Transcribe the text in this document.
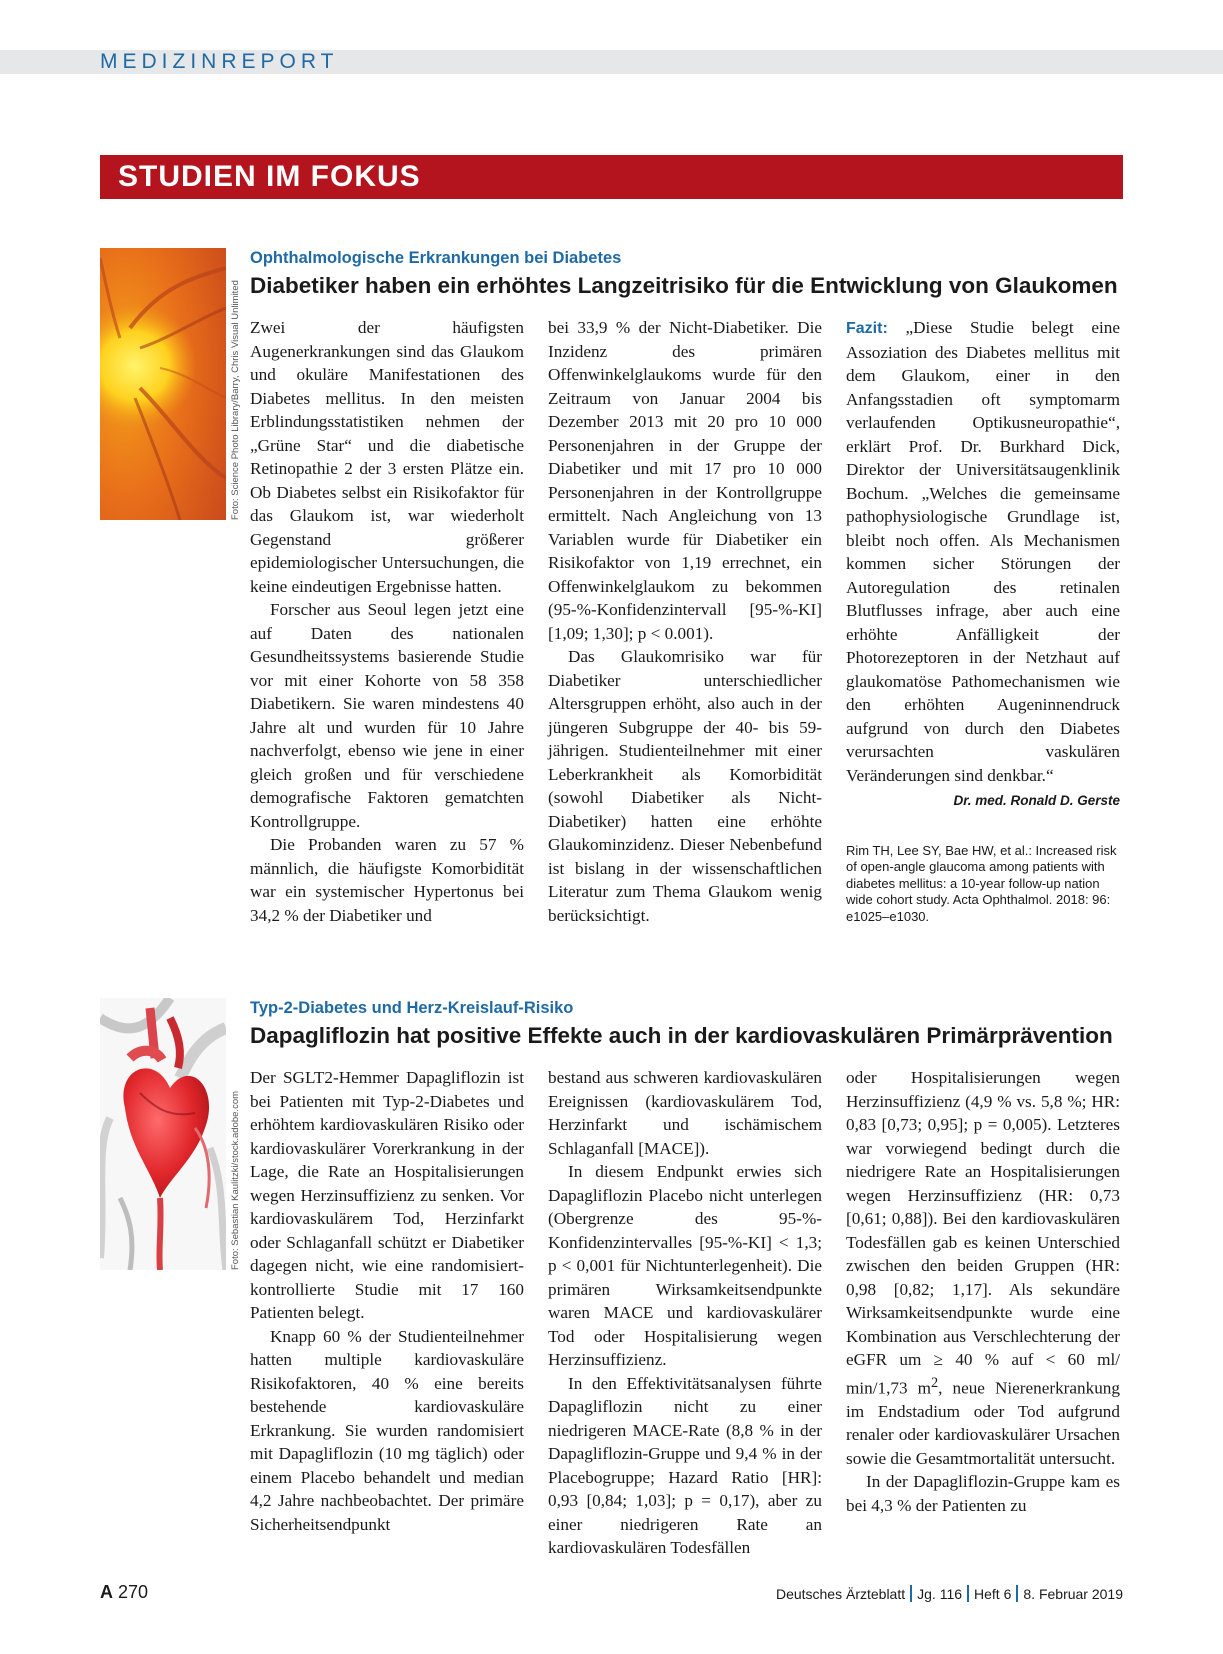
MEDIZINREPORT
STUDIEN IM FOKUS
Foto: Science Photo Library/Barry, Chris Visual Unlimited
Ophthalmologische Erkrankungen bei Diabetes
Diabetiker haben ein erhöhtes Langzeitrisiko für die Entwicklung von Glaukomen

Zwei der häufigsten Augenerkrankungen sind das Glaukom und okuläre Manifestationen des Diabetes mellitus. In den meisten Erblindungsstatistiken nehmen der „Grüne Star“ und die diabetische Retinopathie 2 der 3 ersten Plätze ein. Ob Diabetes selbst ein Risikofaktor für das Glaukom ist, war wiederholt Gegenstand größerer epidemiologischer Untersuchungen, die keine eindeutigen Ergebnisse hatten.

Forscher aus Seoul legen jetzt eine auf Daten des nationalen Gesundheitssystems basierende Studie vor mit einer Kohorte von 58 358 Diabetikern. Sie waren mindestens 40 Jahre alt und wurden für 10 Jahre nachverfolgt, ebenso wie jene in einer gleich großen und für verschiedene demografische Faktoren gematchten Kontrollgruppe.

Die Probanden waren zu 57 % männlich, die häufigste Komorbidität war ein systemischer Hypertonus bei 34,2 % der Diabetiker und

bei 33,9 % der Nicht-Diabetiker. Die Inzidenz des primären Offenwinkelglaukoms wurde für den Zeitraum von Januar 2004 bis Dezember 2013 mit 20 pro 10 000 Personenjahren in der Gruppe der Diabetiker und mit 17 pro 10 000 Personenjahren in der Kontrollgruppe ermittelt. Nach Angleichung von 13 Variablen wurde für Diabetiker ein Risikofaktor von 1,19 errechnet, ein Offenwinkelglaukom zu bekommen (95-%-Konfidenzintervall [95-%-KI] [1,09; 1,30]; p < 0.001).

Das Glaukomrisiko war für Diabetiker unterschiedlicher Altersgruppen erhöht, also auch in der jüngeren Subgruppe der 40- bis 59-jährigen. Studienteilnehmer mit einer Leberkrankheit als Komorbidität (sowohl Diabetiker als Nicht-Diabetiker) hatten eine erhöhte Glaukominzidenz. Dieser Nebenbefund ist bislang in der wissenschaftlichen Literatur zum Thema Glaukom wenig berücksichtigt.

Fazit: „Diese Studie belegt eine Assoziation des Diabetes mellitus mit dem Glaukom, einer in den Anfangsstadien oft symptomarm verlaufenden Optikusneuropathie“, erklärt Prof. Dr. Burkhard Dick, Direktor der Universitätsaugenklinik Bochum. „Welches die gemeinsame pathophysiologische Grundlage ist, bleibt noch offen. Als Mechanismen kommen sicher Störungen der Autoregulation des retinalen Blutflusses infrage, aber auch eine erhöhte Anfälligkeit der Photorezeptoren in der Netzhaut auf glaukomatöse Pathomechanismen wie den erhöhten Augeninnendruck aufgrund von durch den Diabetes verursachten vaskulären Veränderungen sind denkbar.“

Dr. med. Ronald D. Gerste
Rim TH, Lee SY, Bae HW, et al.: Increased risk of open-angle glaucoma among patients with diabetes mellitus: a 10-year follow-up nation wide cohort study. Acta Ophthalmol. 2018: 96: e1025–e1030.
Foto: Sebastian Kaulitzki/stock.adobe.com
Typ-2-Diabetes und Herz-Kreislauf-Risiko
Dapagliflozin hat positive Effekte auch in der kardiovaskulären Primärprävention

Der SGLT2-Hemmer Dapagliflozin ist bei Patienten mit Typ-2-Diabetes und erhöhtem kardiovaskulären Risiko oder kardiovaskulärer Vorerkrankung in der Lage, die Rate an Hospitalisierungen wegen Herzinsuffizienz zu senken. Vor kardiovaskulärem Tod, Herzinfarkt oder Schlaganfall schützt er Diabetiker dagegen nicht, wie eine randomisiert-kontrollierte Studie mit 17 160 Patienten belegt.

Knapp 60 % der Studienteilnehmer hatten multiple kardiovaskuläre Risikofaktoren, 40 % eine bereits bestehende kardiovaskuläre Erkrankung. Sie wurden randomisiert mit Dapagliflozin (10 mg täglich) oder einem Placebo behandelt und median 4,2 Jahre nachbeobachtet. Der primäre Sicherheitsendpunkt

bestand aus schweren kardiovaskulären Ereignissen (kardiovaskulärem Tod, Herzinfarkt und ischämischem Schlaganfall [MACE]).

In diesem Endpunkt erwies sich Dapagliflozin Placebo nicht unterlegen (Obergrenze des 95-%-Konfidenzintervalles [95-%-KI] < 1,3; p < 0,001 für Nichtunterlegenheit). Die primären Wirksamkeitsendpunkte waren MACE und kardiovaskulärer Tod oder Hospitalisierung wegen Herzinsuffizienz.

In den Effektivitätsanalysen führte Dapagliflozin nicht zu einer niedrigeren MACE-Rate (8,8 % in der Dapagliflozin-Gruppe und 9,4 % in der Placebogruppe; Hazard Ratio [HR]: 0,93 [0,84; 1,03]; p = 0,17), aber zu einer niedrigeren Rate an kardiovaskulären Todesfällen

oder Hospitalisierungen wegen Herzinsuffizienz (4,9 % vs. 5,8 %; HR: 0,83 [0,73; 0,95]; p = 0,005). Letzteres war vorwiegend bedingt durch die niedrigere Rate an Hospitalisierungen wegen Herzinsuffizienz (HR: 0,73 [0,61; 0,88]). Bei den kardiovaskulären Todesfällen gab es keinen Unterschied zwischen den beiden Gruppen (HR: 0,98 [0,82; 1,17]. Als sekundäre Wirksamkeitsendpunkte wurde eine Kombination aus Verschlechterung der eGFR um ≥ 40 % auf < 60 ml/ min/1,73 $m^2$, neue Nierenerkrankung im Endstadium oder Tod aufgrund renaler oder kardiovaskulärer Ursachen sowie die Gesamtmortalität untersucht.

In der Dapagliflozin-Gruppe kam es bei 4,3 % der Patienten zu

A 270	Deutsches Ärzteblatt Jg. 116 Heft 6 8. Februar 2019
